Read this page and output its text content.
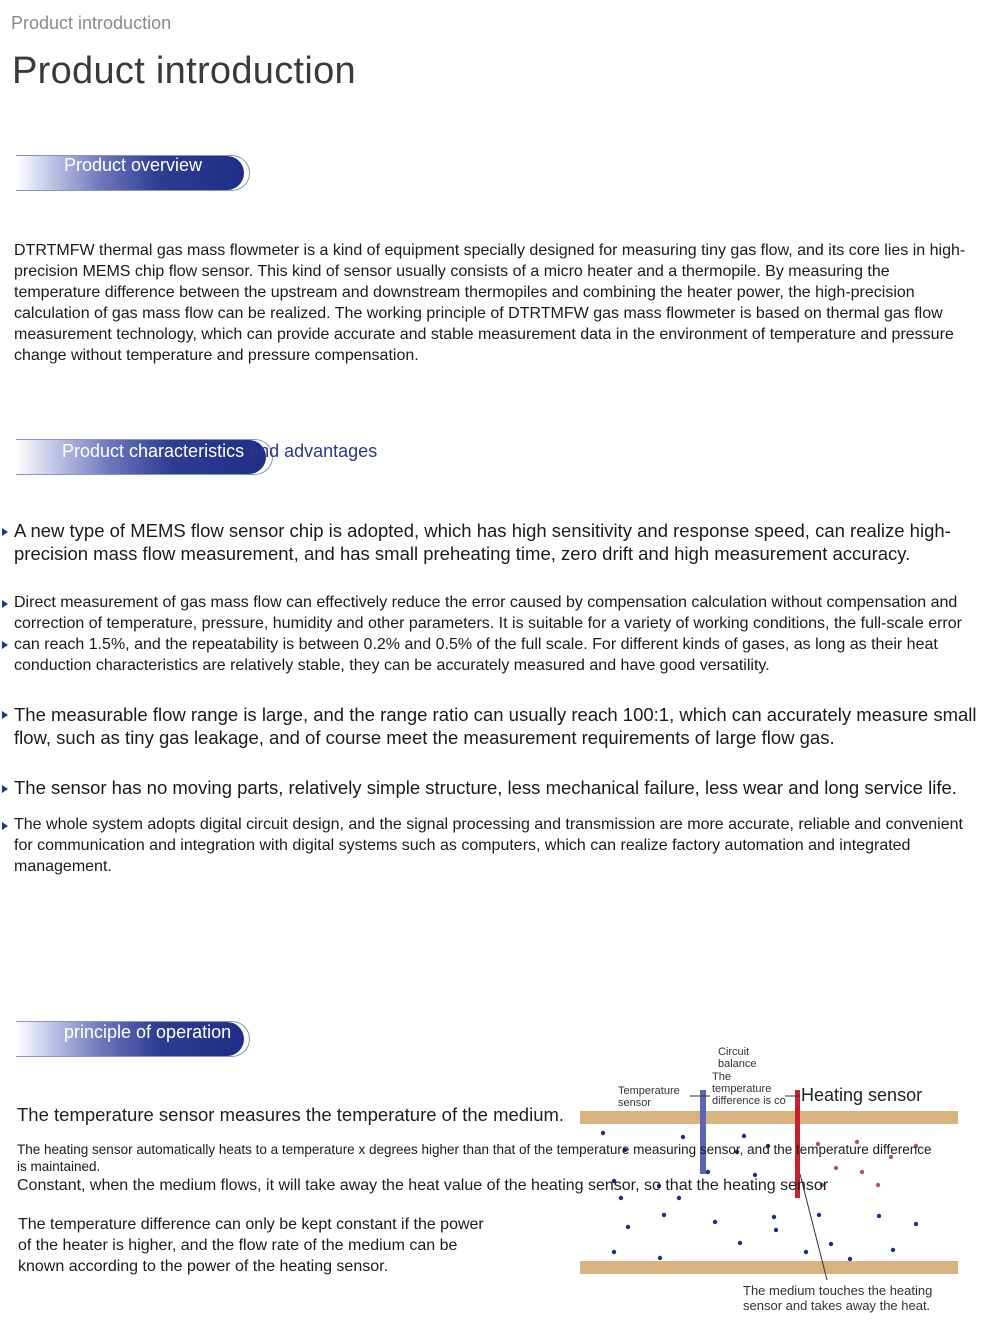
Product introduction
Product introduction
Product overview

DTRTMFW thermal gas mass flowmeter is a kind of equipment specially designed for measuring tiny gas flow, and its core lies in high-precision MEMS chip flow sensor. This kind of sensor usually consists of a micro heater and a thermopile. By measuring the temperature difference between the upstream and downstream thermopiles and combining the heater power, the high-precision calculation of gas mass flow can be realized. The working principle of DTRTMFW gas mass flowmeter is based on thermal gas flow measurement technology, which can provide accurate and stable measurement data in the environment of temperature and pressure change without temperature and pressure compensation.

Product characteristics and advantages

A new type of MEMS flow sensor chip is adopted, which has high sensitivity and response speed, can realize high-precision mass flow measurement, and has small preheating time, zero drift and high measurement accuracy.

Direct measurement of gas mass flow can effectively reduce the error caused by compensation calculation without compensation and correction of temperature, pressure, humidity and other parameters. It is suitable for a variety of working conditions, the full-scale error can reach 1.5%, and the repeatability is between 0.2% and 0.5% of the full scale. For different kinds of gases, as long as their heat conduction characteristics are relatively stable, they can be accurately measured and have good versatility.

The measurable flow range is large, and the range ratio can usually reach 100:1, which can accurately measure small flow, such as tiny gas leakage, and of course meet the measurement requirements of large flow gas.

The sensor has no moving parts, relatively simple structure, less mechanical failure, less wear and long service life.

The whole system adopts digital circuit design, and the signal processing and transmission are more accurate, reliable and convenient for communication and integration with digital systems such as computers, which can realize factory automation and integrated management.

principle of operation
Circuit balance
The temperature difference is co
Temperature sensor	Heating sensor
The medium touches the heating sensor and takes away the heat.
The temperature sensor measures the temperature of the medium.

The heating sensor automatically heats to a temperature x degrees higher than that of the temperature measuring sensor, and the temperature difference is maintained.

Constant, when the medium flows, it will take away the heat value of the heating sensor, so that the heating sensor

The temperature difference can only be kept constant if the power of the heater is higher, and the flow rate of the medium can be known according to the power of the heating sensor.
